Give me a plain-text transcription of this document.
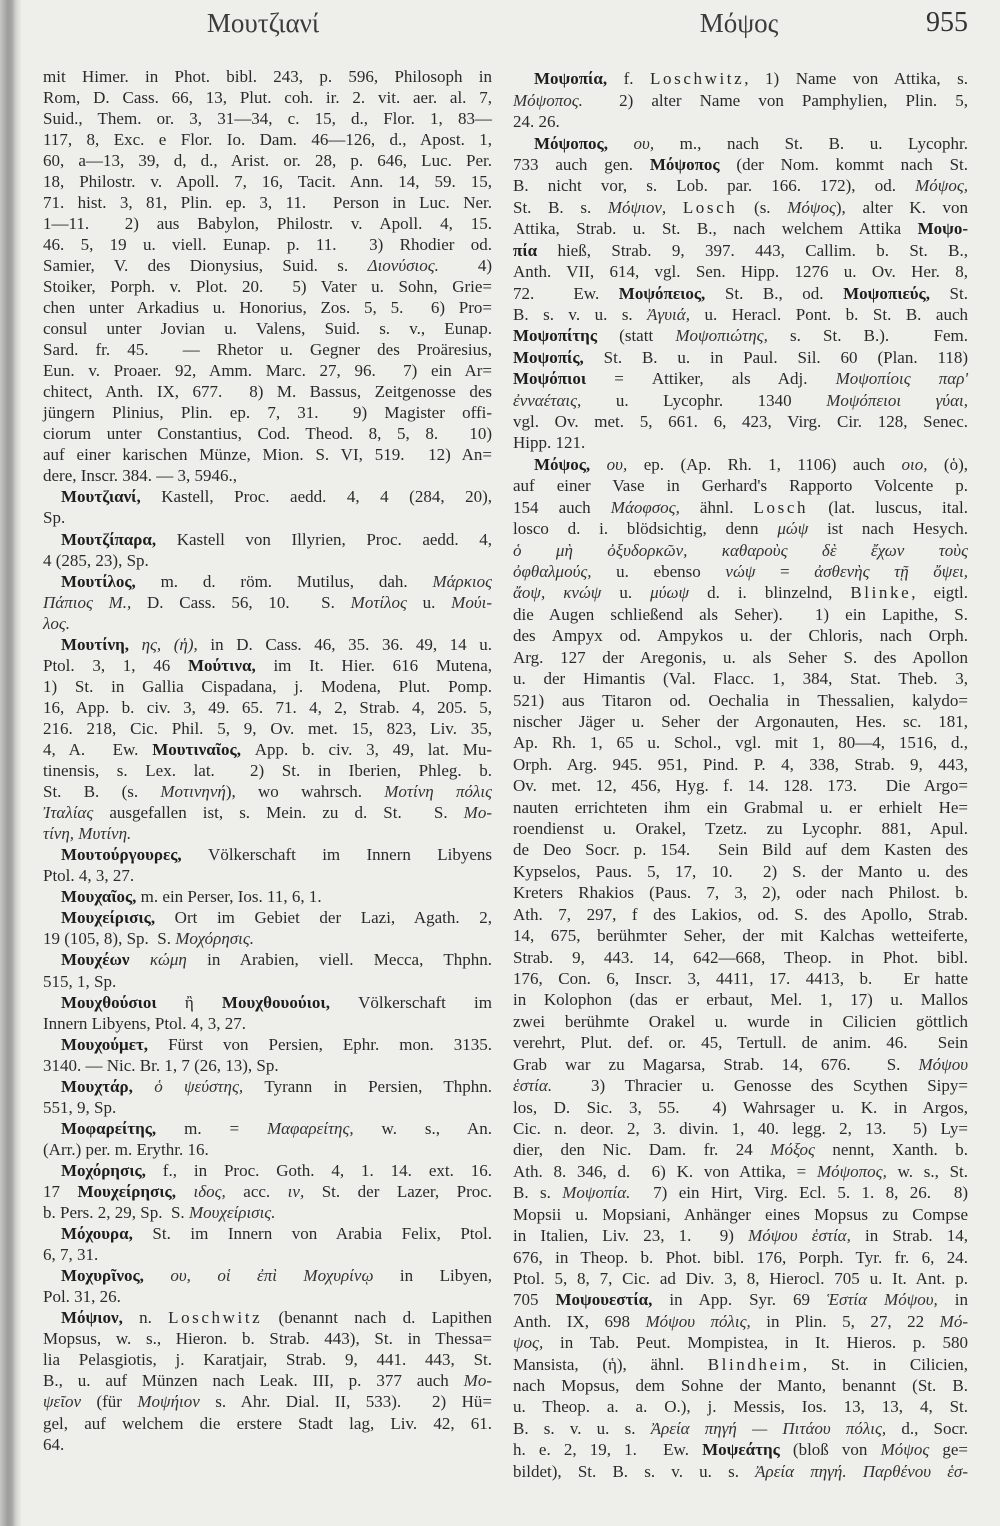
Μουτζιανί	Μόψος	955
mit Himer. in Phot. bibl. 243, p. 596, Philosoph in
Rom, D. Cass. 66, 13, Plut. coh. ir. 2. vit. aer. al. 7,
Suid., Them. or. 3, 31—34, c. 15, d., Flor. 1, 83—
117, 8, Exc. e Flor. Io. Dam. 46—126, d., Apost. 1,
60, a—13, 39, d, d., Arist. or. 28, p. 646, Luc. Per.
18, Philostr. v. Apoll. 7, 16, Tacit. Ann. 14, 59. 15,
71. hist. 3, 81, Plin. ep. 3, 11.  Person in Luc. Ner.
1—11.  2) aus Babylon, Philostr. v. Apoll. 4, 15.
46. 5, 19 u. viell. Eunap. p. 11.  3) Rhodier od.
Samier, V. des Dionysius, Suid. s. Διονύσιος.  4)
Stoiker, Porph. v. Plot. 20.  5) Vater u. Sohn, Grie=
chen unter Arkadius u. Honorius, Zos. 5, 5.  6) Pro=
consul unter Jovian u. Valens, Suid. s. v., Eunap.
Sard. fr. 45.  — Rhetor u. Gegner des Proäresius,
Eun. v. Proaer. 92, Amm. Marc. 27, 96.  7) ein Ar=
chitect, Anth. IX, 677.  8) M. Bassus, Zeitgenosse des
jüngern Plinius, Plin. ep. 7, 31.  9) Magister offi-
ciorum unter Constantius, Cod. Theod. 8, 5, 8.  10)
auf einer karischen Münze, Mion. S. VI, 519.  12) An=
dere, Inscr. 384. — 3, 5946.,
Μουτζιανί, Kastell, Proc. aedd. 4, 4 (284, 20),
Sp.
Μουτζίπαρα, Kastell von Illyrien, Proc. aedd. 4,
4 (285, 23), Sp.
Μουτίλος, m. d. röm. Mutilus, dah. Μάρκιος
Πάπιος Μ., D. Cass. 56, 10.  S. Μοτίλος u. Μούι-
λος.
Μουτίνη, ης, (ἡ), in D. Cass. 46, 35. 36. 49, 14 u.
Ptol. 3, 1, 46 Μούτινα, im It. Hier. 616 Mutena,
1) St. in Gallia Cispadana, j. Modena, Plut. Pomp.
16, App. b. civ. 3, 49. 65. 71. 4, 2, Strab. 4, 205. 5,
216. 218, Cic. Phil. 5, 9, Ov. met. 15, 823, Liv. 35,
4, A.  Ew. Μουτιναῖος, App. b. civ. 3, 49, lat. Mu-
tinensis, s. Lex. lat.  2) St. in Iberien, Phleg. b.
St. B. (s. Μοτινηνή), wo wahrsch. Μοτίνη πόλις
Ἰταλίας ausgefallen ist, s. Mein. zu d. St.  S. Μο-
τίνη, Μυτίνη.
Μουτούργουρες, Völkerschaft im Innern Libyens
Ptol. 4, 3, 27.
Μουχαῖος, m. ein Perser, Ios. 11, 6, 1.
Μουχείρισις, Ort im Gebiet der Lazi, Agath. 2,
19 (105, 8), Sp.  S. Μοχόρησις.
Μουχέων κώμη in Arabien, viell. Mecca, Thphn.
515, 1, Sp.
Μουχθούσιοι ἢ Μουχθουούιοι, Völkerschaft im
Innern Libyens, Ptol. 4, 3, 27.
Μουχούμετ, Fürst von Persien, Ephr. mon. 3135.
3140. — Nic. Br. 1, 7 (26, 13), Sp.
Μουχτάρ, ὁ ψεύστης, Tyrann in Persien, Thphn.
551, 9, Sp.
Μοφαρείτης, m. = Μαφαρείτης, w. s., An.
(Arr.) per. m. Erythr. 16.
Μοχόρησις, f., in Proc. Goth. 4, 1. 14. ext. 16.
17 Μουχείρησις, ιδος, acc. ιν, St. der Lazer, Proc.
b. Pers. 2, 29, Sp.  S. Μουχείρισις.
Μόχουρα, St. im Innern von Arabia Felix, Ptol.
6, 7, 31.
Μοχυρῖνος, ου, οἱ ἐπὶ Μοχυρίνῳ in Libyen,
Pol. 31, 26.
Μόψιον, n. Loschwitz (benannt nach d. Lapithen
Mopsus, w. s., Hieron. b. Strab. 443), St. in Thessa=
lia Pelasgiotis, j. Karatjair, Strab. 9, 441. 443, St.
B., u. auf Münzen nach Leak. III, p. 377 auch Μο-
ψεῖον (für Μοψήιον s. Ahr. Dial. II, 533).  2) Hü=
gel, auf welchem die erstere Stadt lag, Liv. 42, 61.
64.
Μοψοπία, f. Loschwitz, 1) Name von Attika, s.
Μόψοπος.  2) alter Name von Pamphylien, Plin. 5,
24. 26.
Μόψοπος, ου, m., nach St. B. u. Lycophr.
733 auch gen. Μόψοπος (der Nom. kommt nach St.
B. nicht vor, s. Lob. par. 166. 172), od. Μόψος,
St. B. s. Μόψιον, Losch (s. Μόψος), alter K. von
Attika, Strab. u. St. B., nach welchem Attika Μοψο-
πία hieß, Strab. 9, 397. 443, Callim. b. St. B.,
Anth. VII, 614, vgl. Sen. Hipp. 1276 u. Ov. Her. 8,
72.  Ew. Μοψόπειος, St. B., od. Μοψοπιεύς, St.
B. s. v. u. s. Ἀγυιά, u. Heracl. Pont. b. St. B. auch
Μοψοπίτης (statt Μοψοπιώτης, s. St. B.).  Fem.
Μοψοπίς, St. B. u. in Paul. Sil. 60 (Plan. 118)
Μοψόπιοι = Attiker, als Adj. Μοψοπίοις παρ'
ἐνναέταις, u. Lycophr. 1340 Μοψόπειοι γύαι,
vgl. Ov. met. 5, 661. 6, 423, Virg. Cir. 128, Senec.
Hipp. 121.
Μόψος, ου, ep. (Ap. Rh. 1, 1106) auch οιο, (ὁ),
auf einer Vase in Gerhard's Rapporto Volcente p.
154 auch Μάοφσος, ähnl. Losch (lat. luscus, ital.
losco d. i. blödsichtig, denn μώψ ist nach Hesych.
ὁ μὴ ὀξυδορκῶν, καθαροὺς δὲ ἔχων τοὺς
ὀφθαλμούς, u. ebenso νώψ = ἀσθενὴς τῇ ὄψει,
ἄοψ, κνώψ u. μύωψ d. i. blinzelnd, Blinke, eigtl.
die Augen schließend als Seher).  1) ein Lapithe, S.
des Ampyx od. Ampykos u. der Chloris, nach Orph.
Arg. 127 der Aregonis, u. als Seher S. des Apollon
u. der Himantis (Val. Flacc. 1, 384, Stat. Theb. 3,
521) aus Titaron od. Oechalia in Thessalien, kalydo=
nischer Jäger u. Seher der Argonauten, Hes. sc. 181,
Ap. Rh. 1, 65 u. Schol., vgl. mit 1, 80—4, 1516, d.,
Orph. Arg. 945. 951, Pind. P. 4, 338, Strab. 9, 443,
Ov. met. 12, 456, Hyg. f. 14. 128. 173.  Die Argo=
nauten errichteten ihm ein Grabmal u. er erhielt He=
roendienst u. Orakel, Tzetz. zu Lycophr. 881, Apul.
de Deo Socr. p. 154.  Sein Bild auf dem Kasten des
Kypselos, Paus. 5, 17, 10.  2) S. der Manto u. des
Kreters Rhakios (Paus. 7, 3, 2), oder nach Philost. b.
Ath. 7, 297, f des Lakios, od. S. des Apollo, Strab.
14, 675, berühmter Seher, der mit Kalchas wetteiferte,
Strab. 9, 443. 14, 642—668, Theop. in Phot. bibl.
176, Con. 6, Inscr. 3, 4411, 17. 4413, b.  Er hatte
in Kolophon (das er erbaut, Mel. 1, 17) u. Mallos
zwei berühmte Orakel u. wurde in Cilicien göttlich
verehrt, Plut. def. or. 45, Tertull. de anim. 46.  Sein
Grab war zu Magarsa, Strab. 14, 676.  S. Μόψου
ἑστία.  3) Thracier u. Genosse des Scythen Sipy=
los, D. Sic. 3, 55.  4) Wahrsager u. K. in Argos,
Cic. n. deor. 2, 3. divin. 1, 40. legg. 2, 13.  5) Ly=
dier, den Nic. Dam. fr. 24 Μόξος nennt, Xanth. b.
Ath. 8. 346, d.  6) K. von Attika, = Μόψοπος, w. s., St.
B. s. Μοψοπία.  7) ein Hirt, Virg. Ecl. 5. 1. 8, 26.  8)
Mopsii u. Mopsiani, Anhänger eines Mopsus zu Compse
in Italien, Liv. 23, 1.  9) Μόψου ἑστία, in Strab. 14,
676, in Theop. b. Phot. bibl. 176, Porph. Tyr. fr. 6, 24.
Ptol. 5, 8, 7, Cic. ad Div. 3, 8, Hierocl. 705 u. It. Ant. p.
705 Μοψουεστία, in App. Syr. 69 Ἑστία Μόψου, in
Anth. IX, 698 Μόψου πόλις, in Plin. 5, 27, 22 Μό-
ψος, in Tab. Peut. Mompistea, in It. Hieros. p. 580
Mansista, (ἡ), ähnl. Blindheim, St. in Cilicien,
nach Mopsus, dem Sohne der Manto, benannt (St. B.
u. Theop. a. a. O.), j. Messis, Ios. 13, 13, 4, St.
B. s. v. u. s. Ἀρεία πηγή — Πιτάου πόλις, d., Socr.
h. e. 2, 19, 1.  Ew. Μοψεάτης (bloß von Μόψος ge=
bildet), St. B. s. v. u. s. Ἀρεία πηγή. Παρθένου ἑσ-
